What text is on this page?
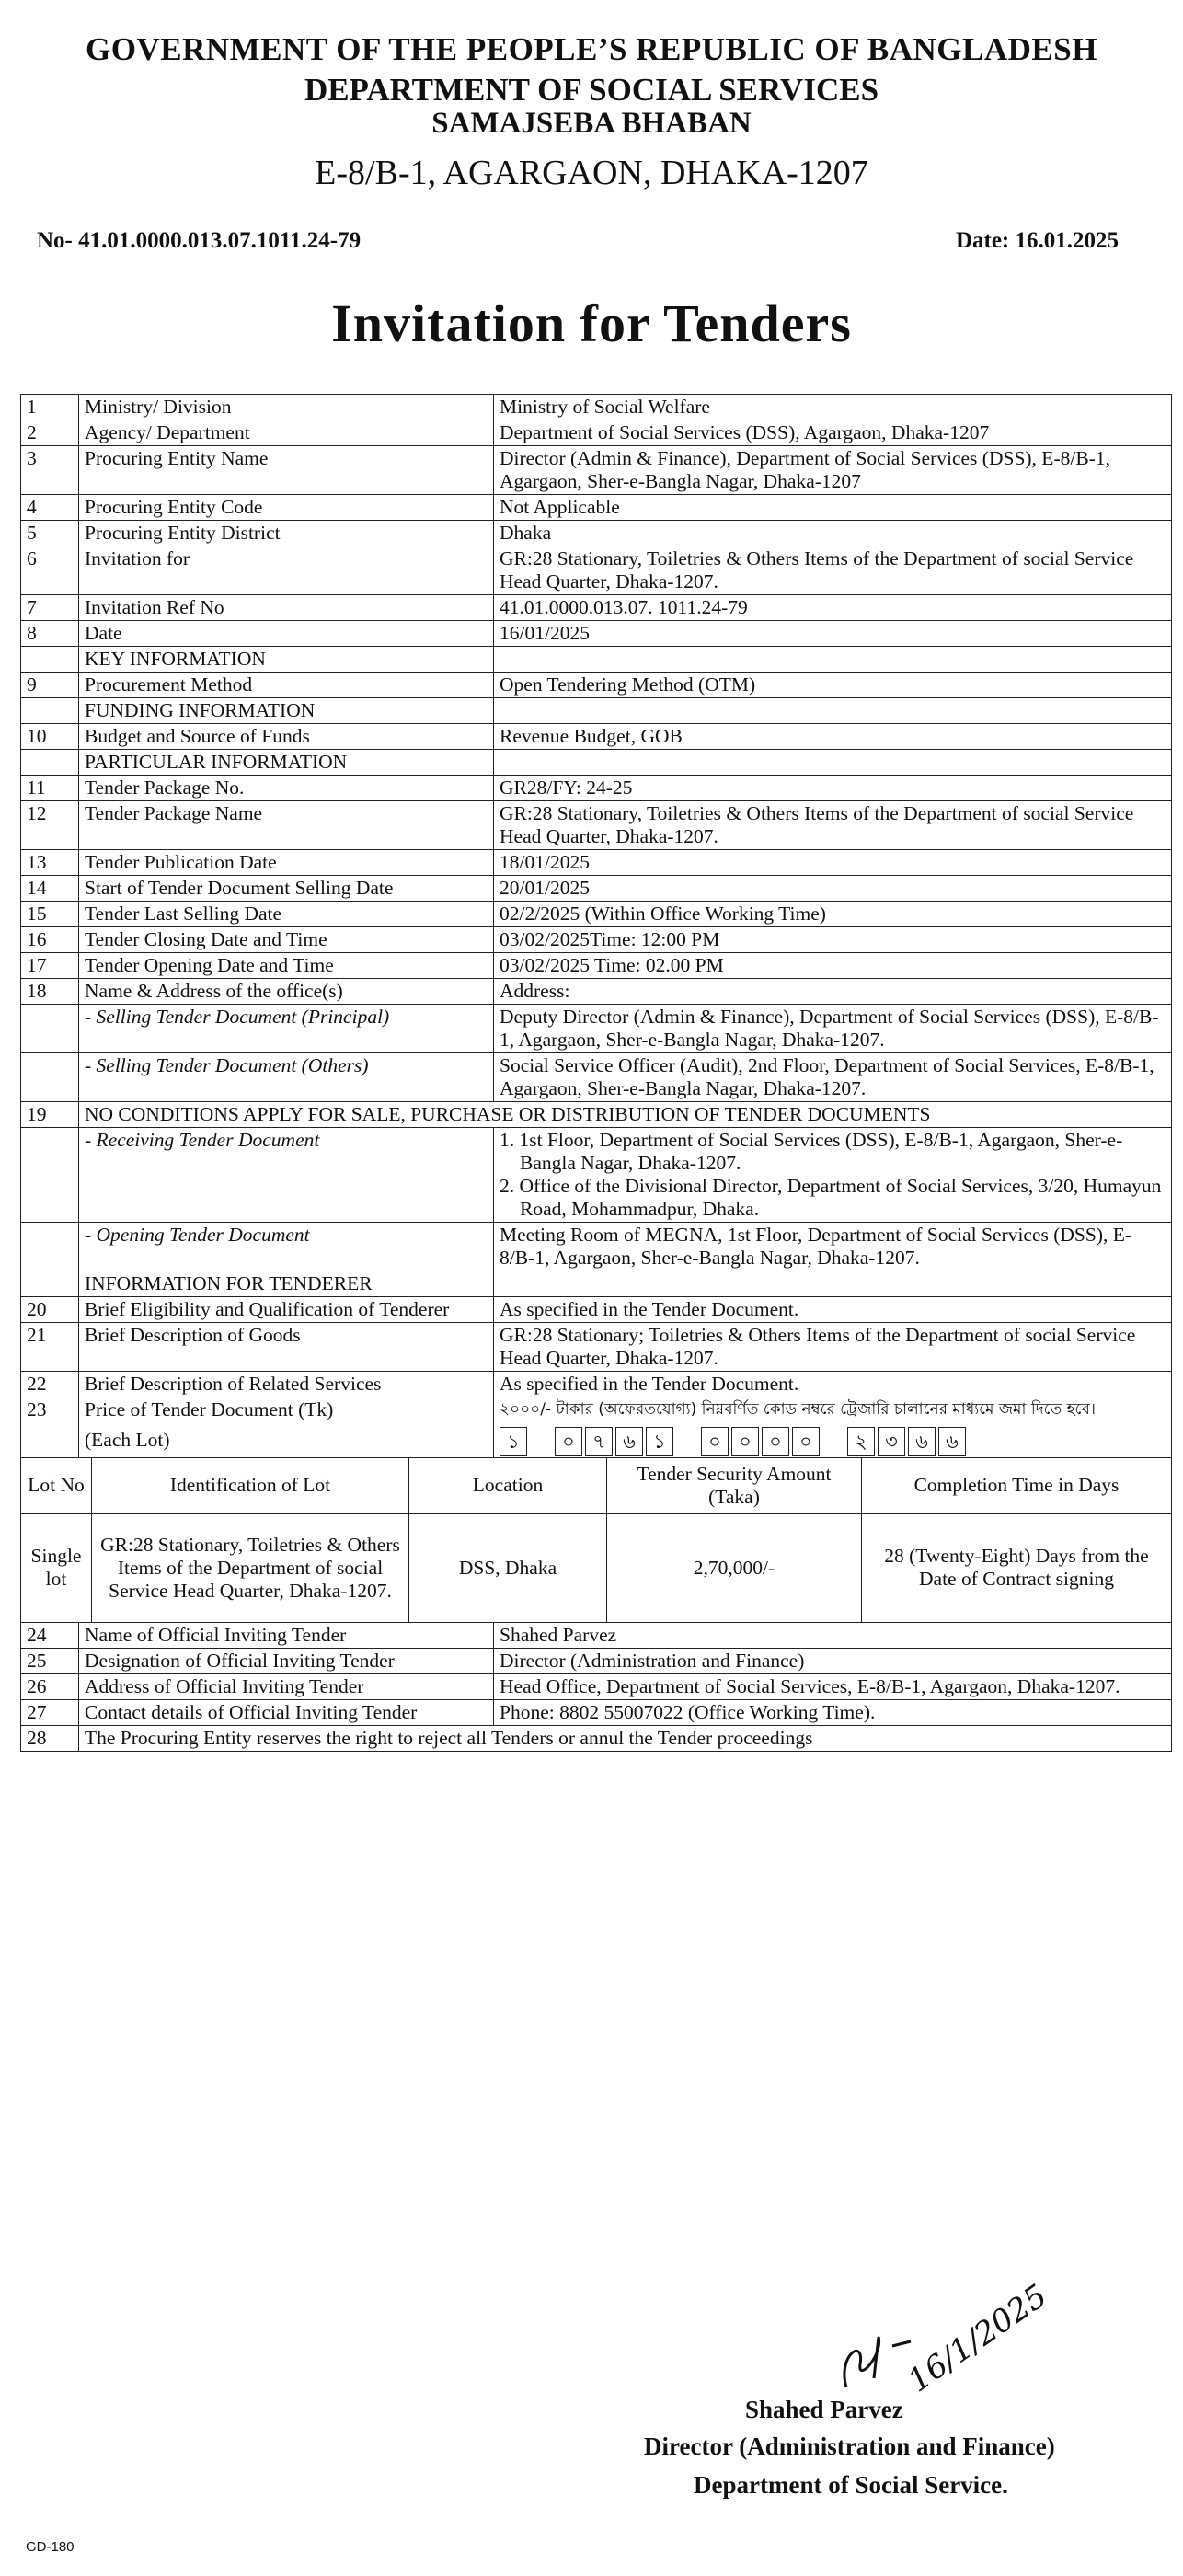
GOVERNMENT OF THE PEOPLE’S REPUBLIC OF BANGLADESH
DEPARTMENT OF SOCIAL SERVICES
SAMAJSEBA BHABAN
E-8/B-1, AGARGAON, DHAKA-1207
No- 41.01.0000.013.07.1011.24-79	Date: 16.01.2025
Invitation for Tenders
1	Ministry/ Division	Ministry of Social Welfare
2	Agency/ Department	Department of Social Services (DSS), Agargaon, Dhaka-1207
3	Procuring Entity Name	Director (Admin & Finance), Department of Social Services (DSS), E-8/B-1, Agargaon, Sher-e-Bangla Nagar, Dhaka-1207
4	Procuring Entity Code	Not Applicable
5	Procuring Entity District	Dhaka
6	Invitation for	GR:28 Stationary, Toiletries & Others Items of the Department of social Service Head Quarter, Dhaka-1207.
7	Invitation Ref No	41.01.0000.013.07. 1011.24-79
8	Date	16/01/2025
	KEY INFORMATION	
9	Procurement Method	Open Tendering Method (OTM)
	FUNDING INFORMATION	
10	Budget and Source of Funds	Revenue Budget, GOB
	PARTICULAR INFORMATION	
11	Tender Package No.	GR28/FY: 24-25
12	Tender Package Name	GR:28 Stationary, Toiletries & Others Items of the Department of social Service Head Quarter, Dhaka-1207.
13	Tender Publication Date	18/01/2025
14	Start of Tender Document Selling Date	20/01/2025
15	Tender Last Selling Date	02/2/2025 (Within Office Working Time)
16	Tender Closing Date and Time	03/02/2025Time: 12:00 PM
17	Tender Opening Date and Time	03/02/2025 Time: 02.00 PM
18	Name & Address of the office(s)	Address:
	- Selling Tender Document (Principal)	Deputy Director (Admin & Finance), Department of Social Services (DSS), E-8/B-1, Agargaon, Sher-e-Bangla Nagar, Dhaka-1207.
	- Selling Tender Document (Others)	Social Service Officer (Audit), 2nd Floor, Department of Social Services, E-8/B-1, Agargaon, Sher-e-Bangla Nagar, Dhaka-1207.
19	NO CONDITIONS APPLY FOR SALE, PURCHASE OR DISTRIBUTION OF TENDER DOCUMENTS
	- Receiving Tender Document	1. 1st Floor, Department of Social Services (DSS), E-8/B-1, Agargaon, Sher-e-Bangla Nagar, Dhaka-1207.
2. Office of the Divisional Director, Department of Social Services, 3/20, Humayun Road, Mohammadpur, Dhaka.

	- Opening Tender Document	Meeting Room of MEGNA, 1st Floor, Department of Social Services (DSS), E-8/B-1, Agargaon, Sher-e-Bangla Nagar, Dhaka-1207.
	INFORMATION FOR TENDERER	
20	Brief Eligibility and Qualification of Tenderer	As specified in the Tender Document.
21	Brief Description of Goods	GR:28 Stationary; Toiletries & Others Items of the Department of social Service Head Quarter, Dhaka-1207.
22	Brief Description of Related Services	As specified in the Tender Document.
23	Price of Tender Document (Tk)
(Each Lot)

২০০০/- টাকার (অফেরতযোগ্য) নিম্নবর্ণিত কোড নম্বরে ট্রেজারি চালানের মাধ্যমে জমা দিতে হবে।
১	০ ৭ ৬ ১	০ ০ ০ ০	২ ৩ ৬ ৬

Lot No	Identification of Lot	Location	Tender Security Amount (Taka)	Completion Time in Days
Single lot	GR:28 Stationary, Toiletries & Others Items of the Department of social Service Head Quarter, Dhaka-1207.	DSS, Dhaka	2,70,000/-	28 (Twenty-Eight) Days from the Date of Contract signing

24	Name of Official Inviting Tender	Shahed Parvez
25	Designation of Official Inviting Tender	Director (Administration and Finance)
26	Address of Official Inviting Tender	Head Office, Department of Social Services, E-8/B-1, Agargaon, Dhaka-1207.
27	Contact details of Official Inviting Tender	Phone: 8802 55007022 (Office Working Time).
28	The Procuring Entity reserves the right to reject all Tenders or annul the Tender proceedings
16/1/2025
Shahed Parvez
Director (Administration and Finance)
Department of Social Service.
GD-180
